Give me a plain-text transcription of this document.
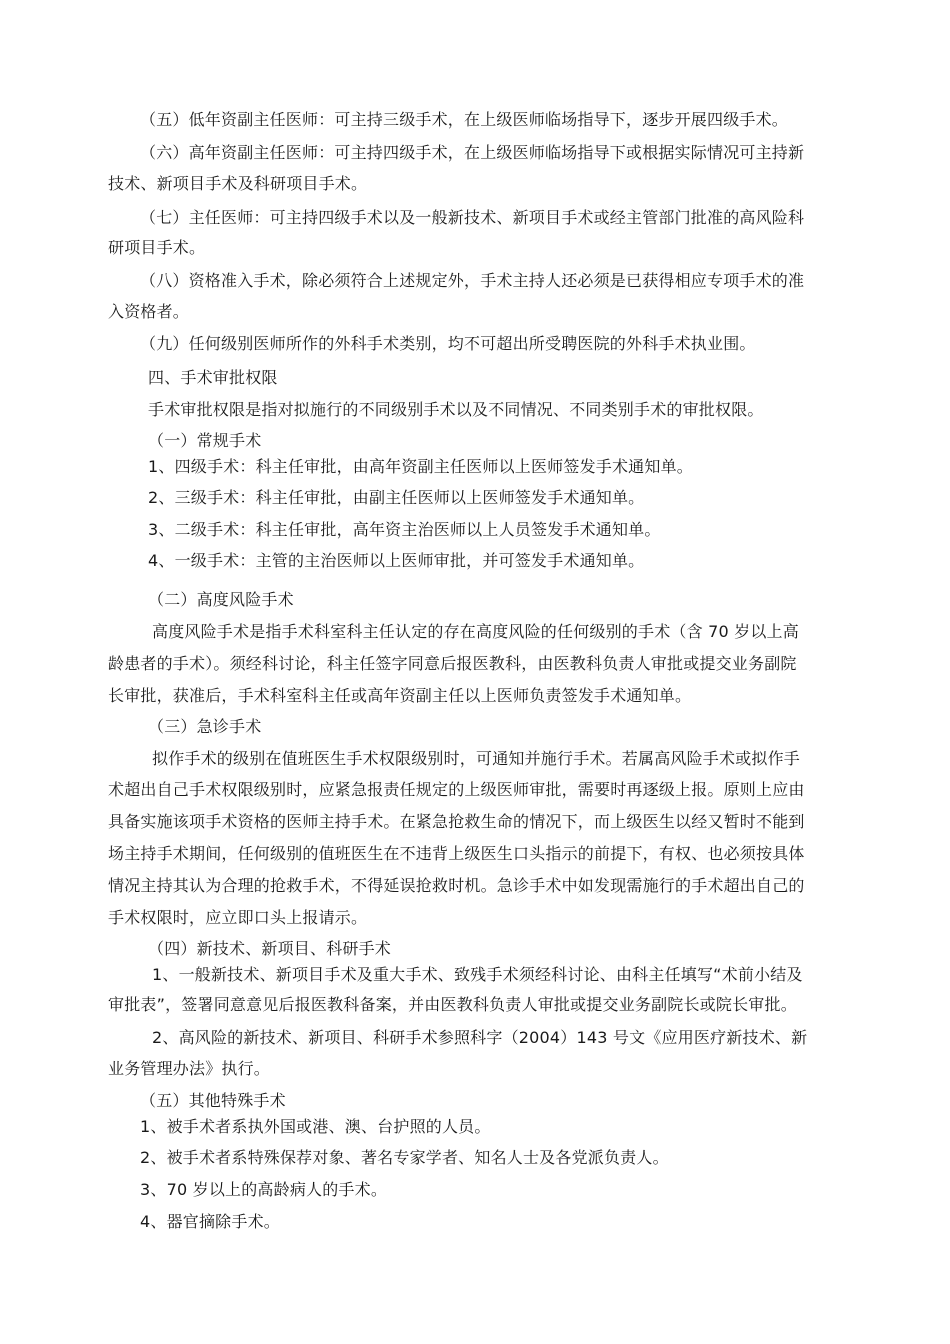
（五）低年资副主任医师：可主持三级手术，在上级医师临场指导下，逐步开展四级手术。

（六）高年资副主任医师：可主持四级手术，在上级医师临场指导下或根据实际情况可主持新

技术、新项目手术及科研项目手术。

（七）主任医师：可主持四级手术以及一般新技术、新项目手术或经主管部门批准的高风险科

研项目手术。

（八）资格准入手术，除必须符合上述规定外，手术主持人还必须是已获得相应专项手术的准

入资格者。

（九）任何级别医师所作的外科手术类别，均不可超出所受聘医院的外科手术执业围。

四、手术审批权限

手术审批权限是指对拟施行的不同级别手术以及不同情况、不同类别手术的审批权限。

（一）常规手术

1、四级手术：科主任审批，由高年资副主任医师以上医师签发手术通知单。

2、三级手术：科主任审批，由副主任医师以上医师签发手术通知单。

3、二级手术：科主任审批，高年资主治医师以上人员签发手术通知单。

4、一级手术：主管的主治医师以上医师审批，并可签发手术通知单。

（二）高度风险手术

高度风险手术是指手术科室科主任认定的存在高度风险的任何级别的手术（含 70 岁以上高

龄患者的手术）。须经科讨论，科主任签字同意后报医教科，由医教科负责人审批或提交业务副院

长审批，获准后，手术科室科主任或高年资副主任以上医师负责签发手术通知单。

（三）急诊手术

拟作手术的级别在值班医生手术权限级别时，可通知并施行手术。若属高风险手术或拟作手

术超出自己手术权限级别时，应紧急报责任规定的上级医师审批，需要时再逐级上报。原则上应由

具备实施该项手术资格的医师主持手术。在紧急抢救生命的情况下，而上级医生以经又暂时不能到

场主持手术期间，任何级别的值班医生在不违背上级医生口头指示的前提下，有权、也必须按具体

情况主持其认为合理的抢救手术，不得延误抢救时机。急诊手术中如发现需施行的手术超出自己的

手术权限时，应立即口头上报请示。

（四）新技术、新项目、科研手术

1、一般新技术、新项目手术及重大手术、致残手术须经科讨论、由科主任填写“术前小结及

审批表”，签署同意意见后报医教科备案，并由医教科负责人审批或提交业务副院长或院长审批。

2、高风险的新技术、新项目、科研手术参照科字（2004）143 号文《应用医疗新技术、新

业务管理办法》执行。

（五）其他特殊手术

1、被手术者系执外国或港、澳、台护照的人员。

2、被手术者系特殊保荐对象、著名专家学者、知名人士及各党派负责人。

3、70 岁以上的高龄病人的手术。

4、器官摘除手术。
